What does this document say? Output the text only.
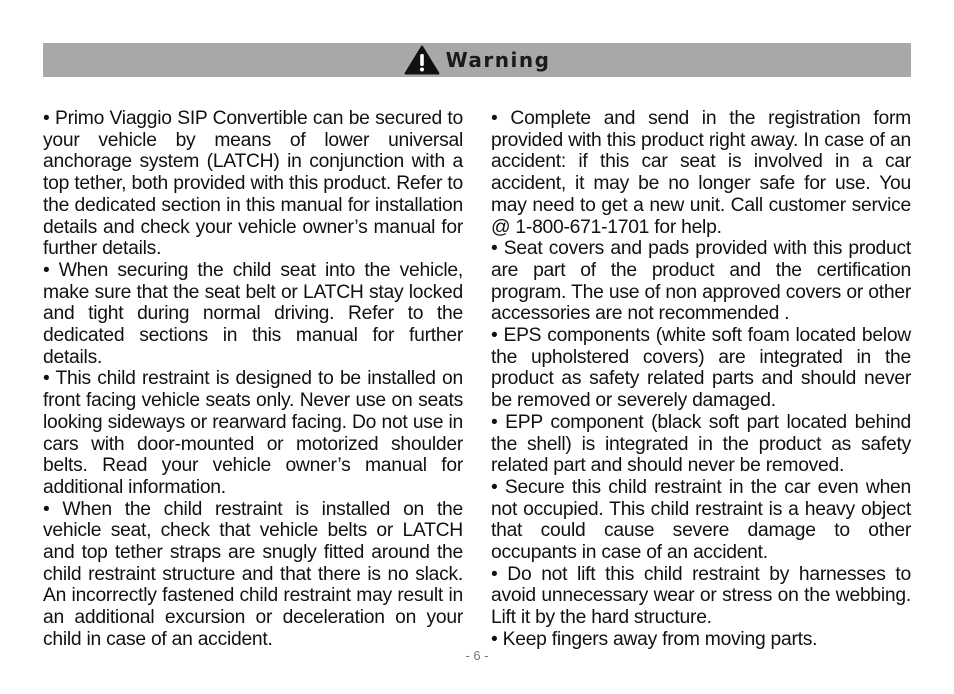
Warning

• Primo Viaggio SIP Convertible can be secured to your vehicle by means of lower universal anchorage system (LATCH) in conjunction with a top tether, both provided with this product. Refer to the dedicated section in this manual for installation details and check your vehicle owner’s manual for further details.

• When securing the child seat into the vehicle, make sure that the seat belt or LATCH stay locked and tight during normal driving. Refer to the dedicated sections in this manual for further details.

• This child restraint is designed to be installed on front facing vehicle seats only. Never use on seats looking sideways or rearward facing. Do not use in cars with door-mounted or motorized shoulder belts. Read your vehicle owner’s manual for additional information.

• When the child restraint is installed on the vehicle seat, check that vehicle belts or LATCH and top tether straps are snugly fitted around the child restraint structure and that there is no slack. An incorrectly fastened child restraint may result in an additional excursion or deceleration on your child in case of an accident.

• Complete and send in the registration form provided with this product right away. In case of an accident: if this car seat is involved in a car accident, it may be no longer safe for use. You may need to get a new unit. Call customer service @ 1-800-671-1701 for help.

• Seat covers and pads provided with this product are part of the product and the certification program. The use of non approved covers or other accessories are not recommended .

• EPS components (white soft foam located below the upholstered covers) are integrated in the product as safety related parts and should never be removed or severely damaged.

• EPP component (black soft part located behind the shell) is integrated in the product as safety related part and should never be removed.

• Secure this child restraint in the car even when not occupied. This child restraint is a heavy object that could cause severe damage to other occupants in case of an accident.

• Do not lift this child restraint by harnesses to avoid unnecessary wear or stress on the webbing. Lift it by the hard structure.

• Keep fingers away from moving parts.

- 6 -
